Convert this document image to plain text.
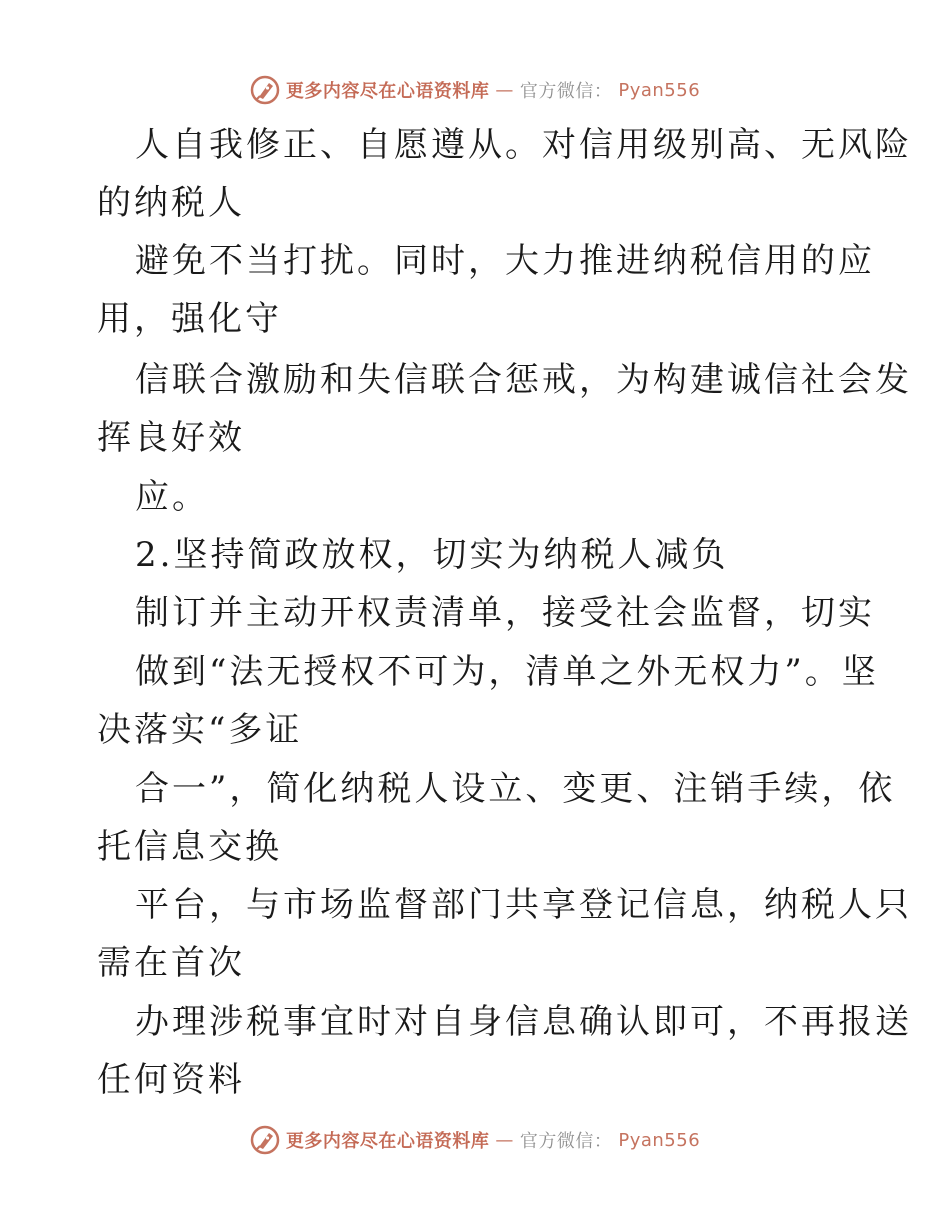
更多内容尽在心语资料库 — 官方微信： Pyan556
人自我修正、自愿遵从。对信用级别高、无风险
的纳税人
避免不当打扰。同时，大力推进纳税信用的应
用，强化守
信联合激励和失信联合惩戒，为构建诚信社会发
挥良好效
应。
2.坚持简政放权，切实为纳税人减负
制订并主动开权责清单，接受社会监督，切实
做到“法无授权不可为，清单之外无权力”。坚
决落实“多证
合一”，简化纳税人设立、变更、注销手续，依
托信息交换
平台，与市场监督部门共享登记信息，纳税人只
需在首次
办理涉税事宜时对自身信息确认即可，不再报送
任何资料
更多内容尽在心语资料库 — 官方微信： Pyan556
